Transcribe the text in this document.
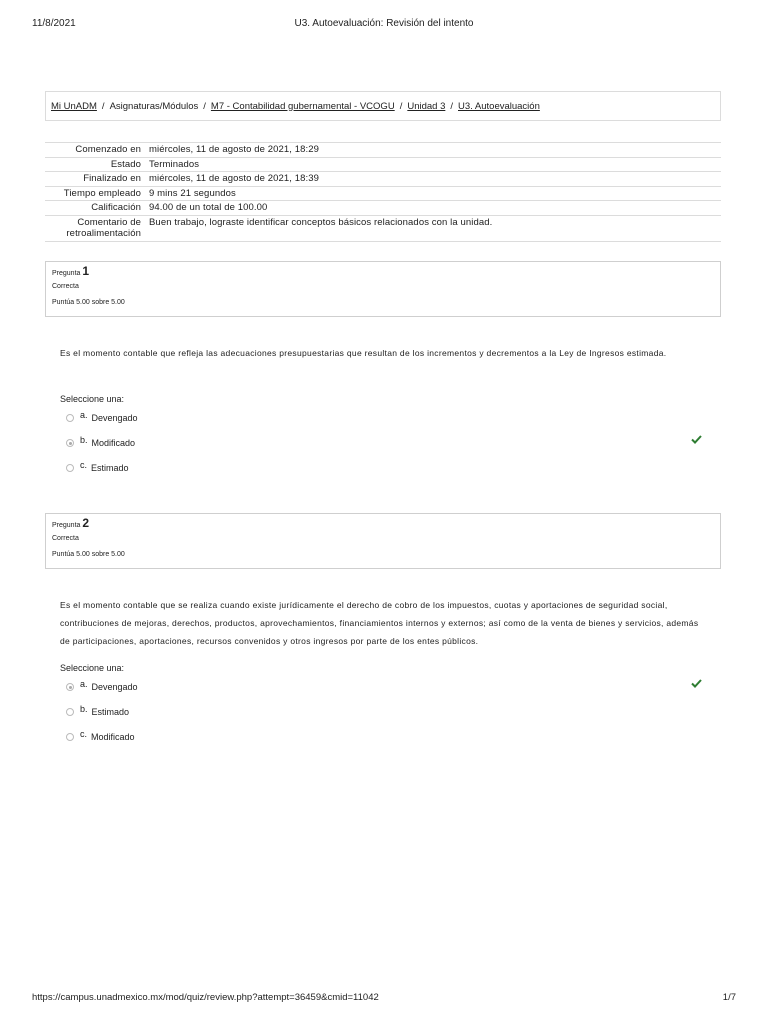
11/8/2021	U3. Autoevaluación: Revisión del intento
Mi UnADM / Asignaturas/Módulos / M7 - Contabilidad gubernamental - VCOGU / Unidad 3 / U3. Autoevaluación
Comenzado en	miércoles, 11 de agosto de 2021, 18:29
Estado	Terminados
Finalizado en	miércoles, 11 de agosto de 2021, 18:39
Tiempo empleado	9 mins 21 segundos
Calificación	94.00 de un total de 100.00
Comentario de retroalimentación	Buen trabajo, lograste identificar conceptos básicos relacionados con la unidad.
Pregunta 1
Correcta
Puntúa 5.00 sobre 5.00
Es el momento contable que refleja las adecuaciones presupuestarias que resultan de los incrementos y decrementos a la Ley de Ingresos estimada.
Seleccione una:
a. Devengado
b. Modificado
c. Estimado
Pregunta 2
Correcta
Puntúa 5.00 sobre 5.00
Es el momento contable que se realiza cuando existe jurídicamente el derecho de cobro de los impuestos, cuotas y aportaciones de seguridad social, contribuciones de mejoras, derechos, productos, aprovechamientos, financiamientos internos y externos; así como de la venta de bienes y servicios, además de participaciones, aportaciones, recursos convenidos y otros ingresos por parte de los entes públicos.
Seleccione una:
a. Devengado
b. Estimado
c. Modificado
https://campus.unadmexico.mx/mod/quiz/review.php?attempt=36459&cmid=11042	1/7
